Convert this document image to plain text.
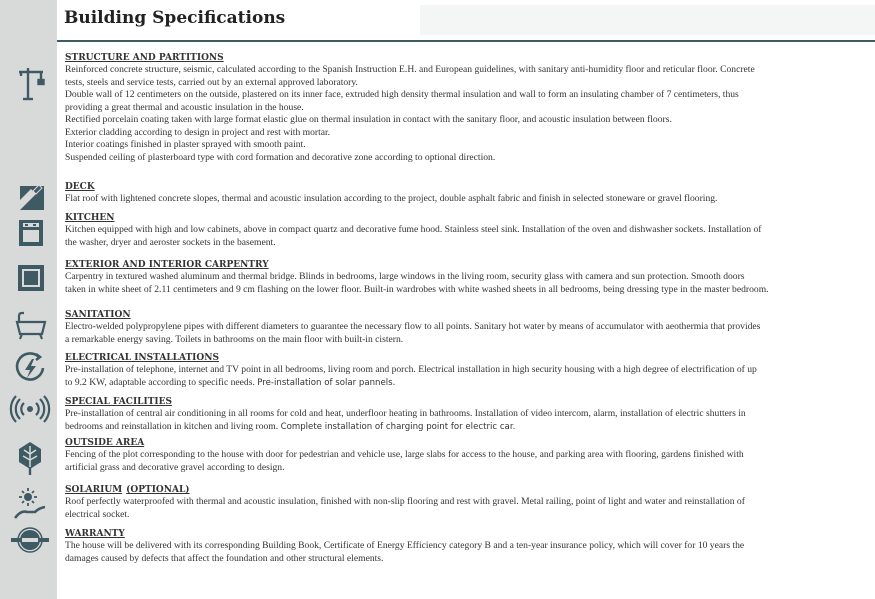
Building Specifications
STRUCTURE AND PARTITIONS
Reinforced concrete structure, seismic, calculated according to the Spanish Instruction E.H. and European guidelines, with sanitary anti-humidity floor and reticular floor. Concrete
tests, steels and service tests, carried out by an external approved laboratory.
Double wall of 12 centimeters on the outside, plastered on its inner face, extruded high density thermal insulation and wall to form an insulating chamber of 7 centimeters, thus
providing a great thermal and acoustic insulation in the house.
Rectified porcelain coating taken with large format elastic glue on thermal insulation in contact with the sanitary floor, and acoustic insulation between floors.
Exterior cladding according to design in project and rest with mortar.
Interior coatings finished in plaster sprayed with smooth paint.
Suspended ceiling of plasterboard type with cord formation and decorative zone according to optional direction.
DECK
Flat roof with lightened concrete slopes, thermal and acoustic insulation according to the project, double asphalt fabric and finish in selected stoneware or gravel flooring.
KITCHEN
Kitchen equipped with high and low cabinets, above in compact quartz and decorative fume hood. Stainless steel sink. Installation of the oven and dishwasher sockets. Installation of
the washer, dryer and aeroster sockets in the basement.
EXTERIOR AND INTERIOR CARPENTRY
Carpentry in textured washed aluminum and thermal bridge. Blinds in bedrooms, large windows in the living room, security glass with camera and sun protection. Smooth doors
taken in white sheet of 2.11 centimeters and 9 cm flashing on the lower floor. Built-in wardrobes with white washed sheets in all bedrooms, being dressing type in the master bedroom.
SANITATION
Electro-welded polypropylene pipes with different diameters to guarantee the necessary flow to all points. Sanitary hot water by means of accumulator with aeothermia that provides
a remarkable energy saving. Toilets in bathrooms on the main floor with built-in cistern.
ELECTRICAL INSTALLATIONS
Pre-installation of telephone, internet and TV point in all bedrooms, living room and porch. Electrical installation in high security housing with a high degree of electrification of up
to 9.2 KW, adaptable according to specific needs. Pre-installation of solar pannels.
SPECIAL FACILITIES
Pre-installation of central air conditioning in all rooms for cold and heat, underfloor heating in bathrooms. Installation of video intercom, alarm, installation of electric shutters in
bedrooms and reinstallation in kitchen and living room. Complete installation of charging point for electric car.
OUTSIDE AREA
Fencing of the plot corresponding to the house with door for pedestrian and vehicle use, large slabs for access to the house, and parking area with flooring, gardens finished with
artificial grass and decorative gravel according to design.
SOLARIUM (OPTIONAL)
Roof perfectly waterproofed with thermal and acoustic insulation, finished with non-slip flooring and rest with gravel. Metal railing, point of light and water and reinstallation of
electrical socket.
WARRANTY
The house will be delivered with its corresponding Building Book, Certificate of Energy Efficiency category B and a ten-year insurance policy, which will cover for 10 years the
damages caused by defects that affect the foundation and other structural elements.
